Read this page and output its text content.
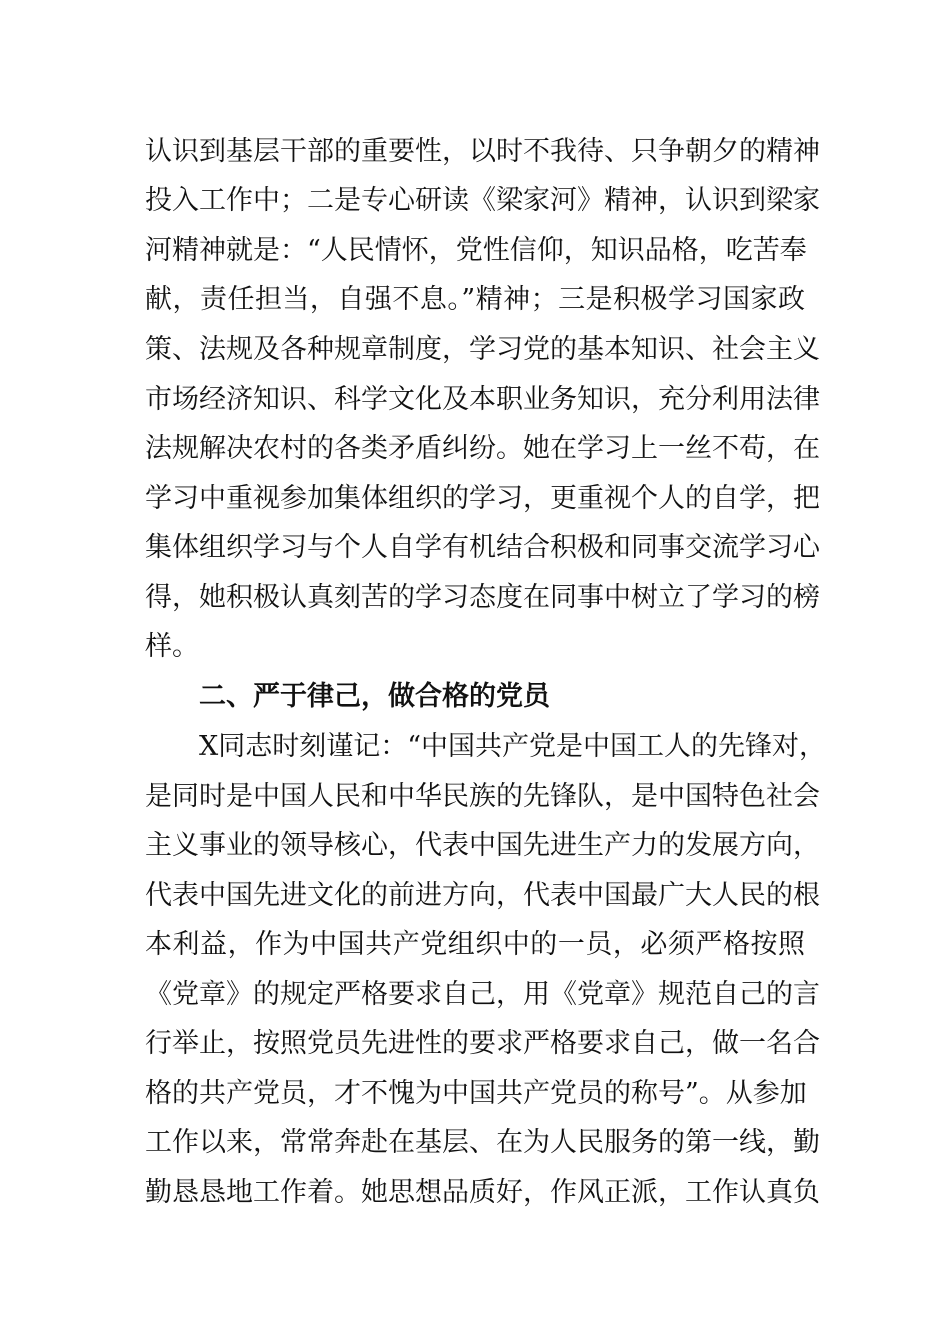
认识到基层干部的重要性，以时不我待、只争朝夕的精神
投入工作中；二是专心研读《梁家河》精神，认识到梁家
河精神就是：“人民情怀，党性信仰，知识品格，吃苦奉
献，责任担当，自强不息。”精神；三是积极学习国家政
策、法规及各种规章制度，学习党的基本知识、社会主义
市场经济知识、科学文化及本职业务知识，充分利用法律
法规解决农村的各类矛盾纠纷。她在学习上一丝不苟，在
学习中重视参加集体组织的学习，更重视个人的自学，把
集体组织学习与个人自学有机结合积极和同事交流学习心
得，她积极认真刻苦的学习态度在同事中树立了学习的榜
样。
二、严于律己，做合格的党员
X同志时刻谨记：“中国共产党是中国工人的先锋对，
是同时是中国人民和中华民族的先锋队，是中国特色社会
主义事业的领导核心，代表中国先进生产力的发展方向，
代表中国先进文化的前进方向，代表中国最广大人民的根
本利益，作为中国共产党组织中的一员，必须严格按照
《党章》的规定严格要求自己，用《党章》规范自己的言
行举止，按照党员先进性的要求严格要求自己，做一名合
格的共产党员，才不愧为中国共产党员的称号”。从参加
工作以来，常常奔赴在基层、在为人民服务的第一线，勤
勤恳恳地工作着。她思想品质好，作风正派，工作认真负
